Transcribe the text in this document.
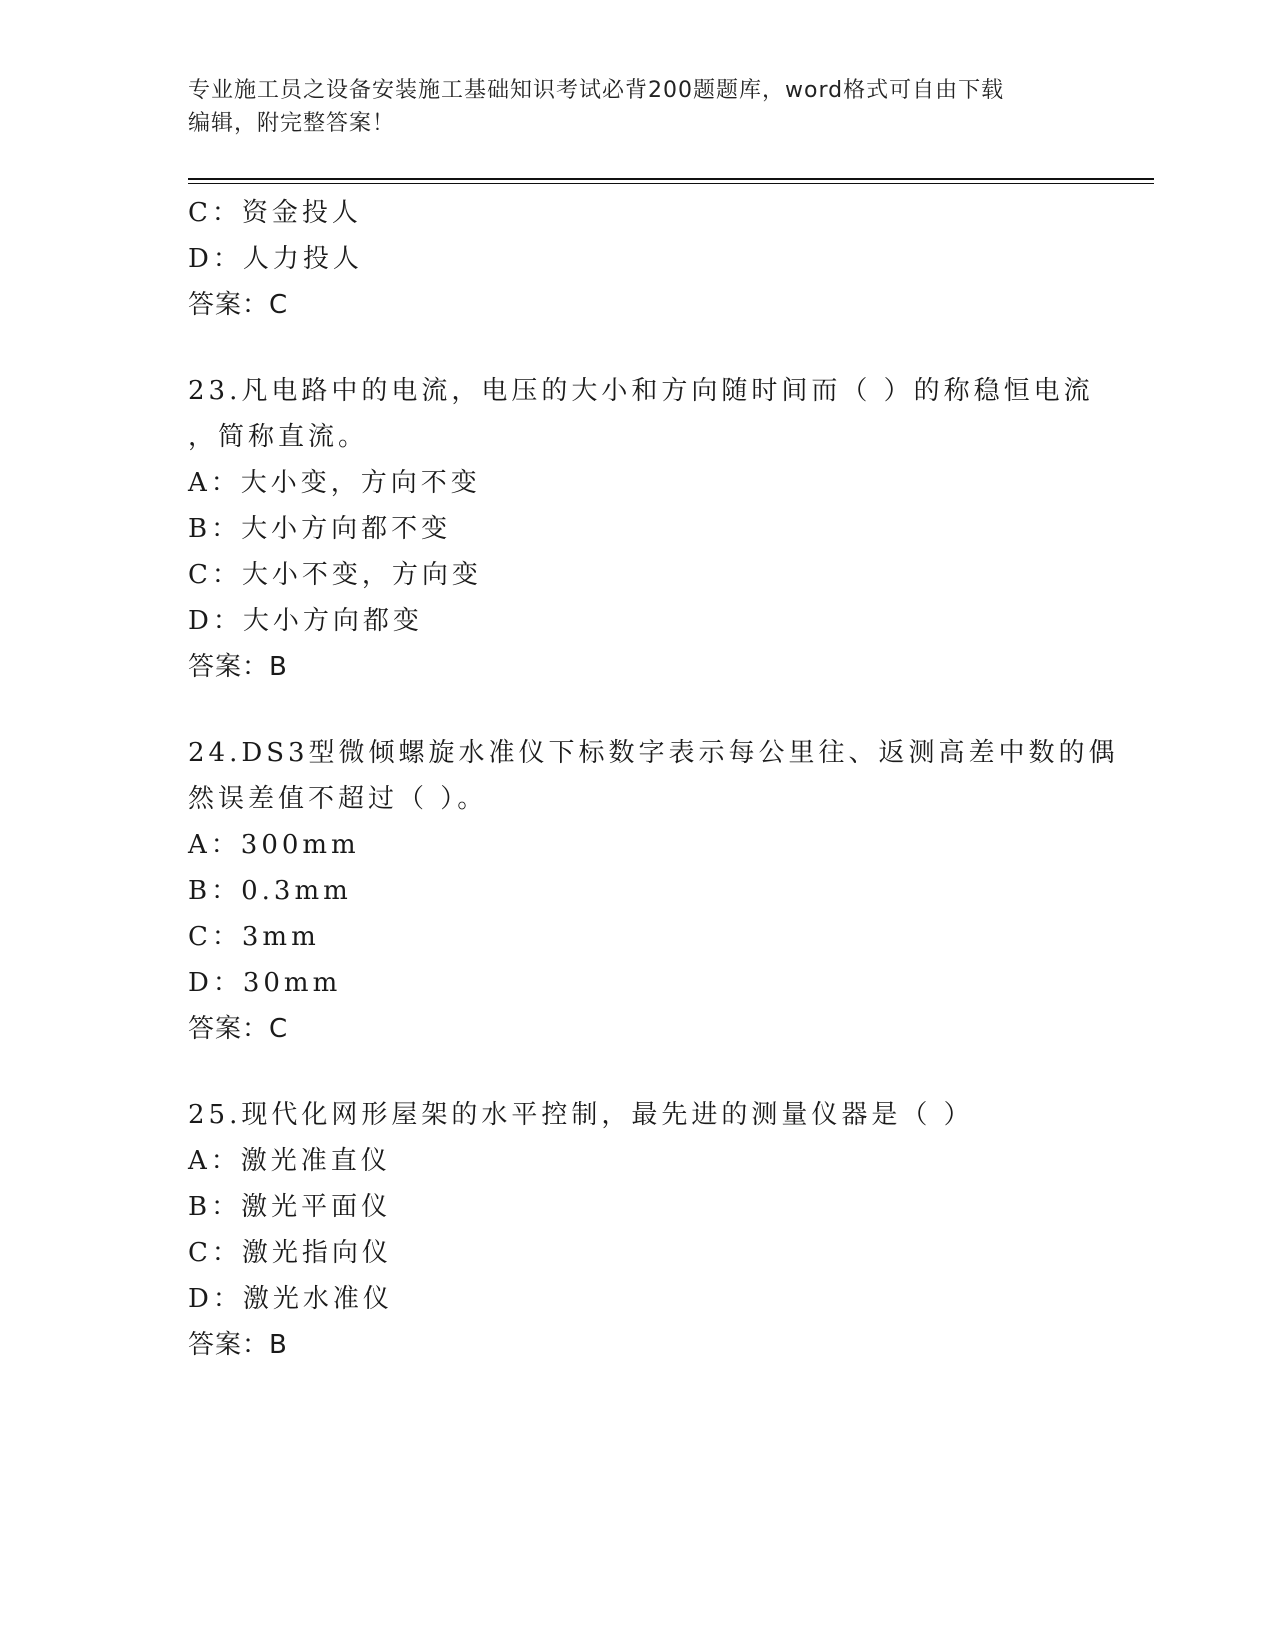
专业施工员之设备安装施工基础知识考试必背200题题库，word格式可自由下载
编辑，附完整答案！
C：资金投人
D：人力投人
答案：C
23.凡电路中的电流，电压的大小和方向随时间而（ ）的称稳恒电流
，简称直流。
A：大小变，方向不变
B：大小方向都不变
C：大小不变，方向变
D：大小方向都变
答案：B
24.DS3型微倾螺旋水准仪下标数字表示每公里往、返测高差中数的偶
然误差值不超过（ ）。
A：300mm
B：0.3mm
C：3mm
D：30mm
答案：C
25.现代化网形屋架的水平控制，最先进的测量仪器是（ ）
A：激光准直仪
B：激光平面仪
C：激光指向仪
D：激光水准仪
答案：B
